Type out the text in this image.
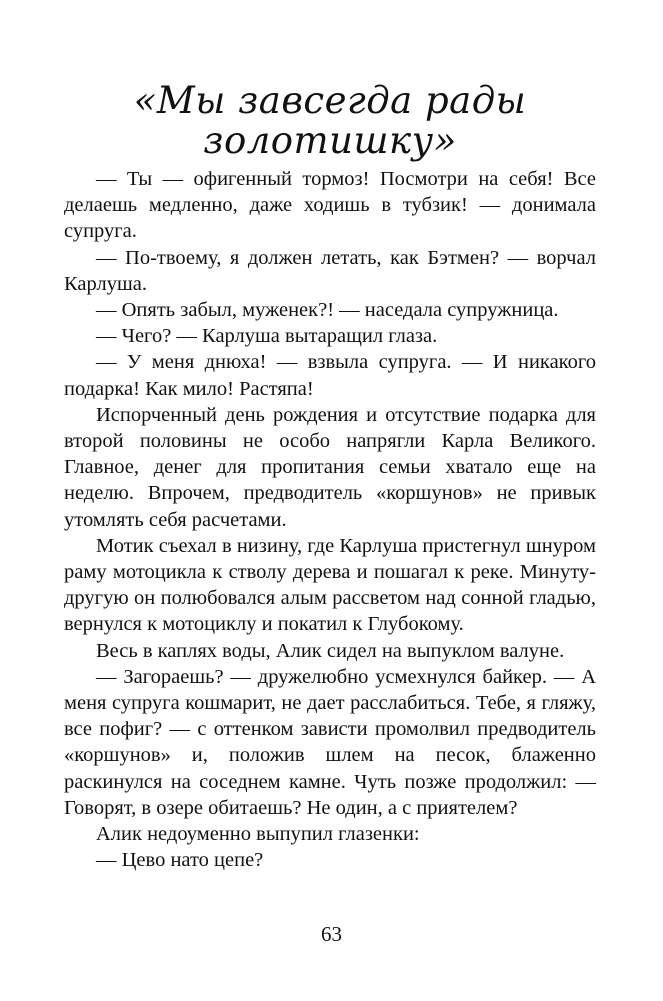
«Мы завсегда рады
золотишку»

— Ты — офигенный тормоз! Посмотри на себя! Все делаешь медленно, даже ходишь в тубзик! — донимала супруга.

— По-твоему, я должен летать, как Бэтмен? — ворчал Карлуша.

— Опять забыл, муженек?! — наседала супружница.

— Чего? — Карлуша вытаращил глаза.

— У меня днюха! — взвыла супруга. — И никакого подарка! Как мило! Растяпа!

Испорченный день рождения и отсутствие подарка для второй половины не особо напрягли Карла Великого. Главное, денег для пропитания семьи хватало еще на неделю. Впрочем, предводитель «коршунов» не привык утомлять себя расчетами.

Мотик съехал в низину, где Карлуша пристегнул шнуром раму мотоцикла к стволу дерева и пошагал к реке. Минуту-другую он полюбовался алым рассветом над сонной гладью, вернулся к мотоциклу и покатил к Глубокому.

Весь в каплях воды, Алик сидел на выпуклом валуне.

— Загораешь? — дружелюбно усмехнулся байкер. — А меня супруга кошмарит, не дает расслабиться. Тебе, я гляжу, все пофиг? — с оттенком зависти промолвил предводитель «коршунов» и, положив шлем на песок, блаженно раскинулся на соседнем камне. Чуть позже продолжил: — Говорят, в озере обитаешь? Не один, а с приятелем?

Алик недоуменно выпупил глазенки:

— Цево нато цепе?

63
